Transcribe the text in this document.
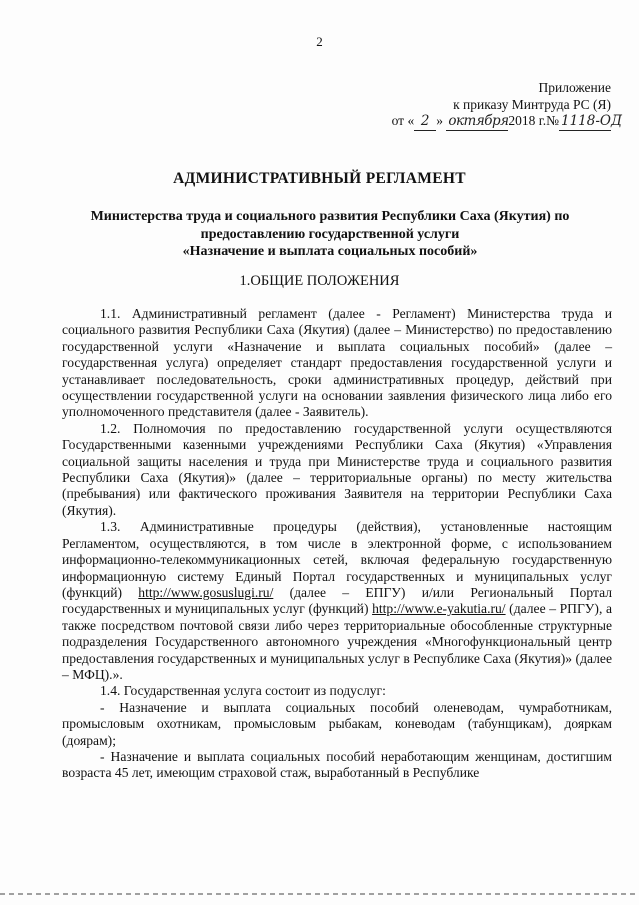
2
Приложение
к приказу Минтруда РС (Я)
от « 2 » октября2018 г.№ 1118-ОД
АДМИНИСТРАТИВНЫЙ РЕГЛАМЕНТ
Министерства труда и социального развития Республики Саха (Якутия) по
предоставлению государственной услуги
«Назначение и выплата социальных пособий»
1.ОБЩИЕ ПОЛОЖЕНИЯ

1.1. Административный регламент (далее - Регламент) Министерства труда и социального развития Республики Саха (Якутия) (далее – Министерство) по предоставлению государственной услуги «Назначение и выплата социальных пособий» (далее – государственная услуга) определяет стандарт предоставления государственной услуги и устанавливает последовательность, сроки административных процедур, действий при осуществлении государственной услуги на основании заявления физического лица либо его уполномоченного представителя (далее - Заявитель).

1.2. Полномочия по предоставлению государственной услуги осуществляются Государственными казенными учреждениями Республики Саха (Якутия) «Управления социальной защиты населения и труда при Министерстве труда и социального развития Республики Саха (Якутия)» (далее – территориальные органы) по месту жительства (пребывания) или фактического проживания Заявителя на территории Республики Саха (Якутия).

1.3. Административные процедуры (действия), установленные настоящим Регламентом, осуществляются, в том числе в электронной форме, с использованием информационно-телекоммуникационных сетей, включая федеральную государственную информационную систему Единый Портал государственных и муниципальных услуг (функций) http://www.gosuslugi.ru/ (далее – ЕПГУ) и/или Региональный Портал государственных и муниципальных услуг (функций) http://www.e-yakutia.ru/ (далее – РПГУ), а также посредством почтовой связи либо через территориальные обособленные структурные подразделения Государственного автономного учреждения «Многофункциональный центр предоставления государственных и муниципальных услуг в Республике Саха (Якутия)» (далее – МФЦ).».

1.4. Государственная услуга состоит из подуслуг:

- Назначение и выплата социальных пособий оленеводам, чумработникам, промысловым охотникам, промысловым рыбакам, коневодам (табунщикам), дояркам (доярам);

- Назначение и выплата социальных пособий неработающим женщинам, достигшим возраста 45 лет, имеющим страховой стаж, выработанный в Республике
